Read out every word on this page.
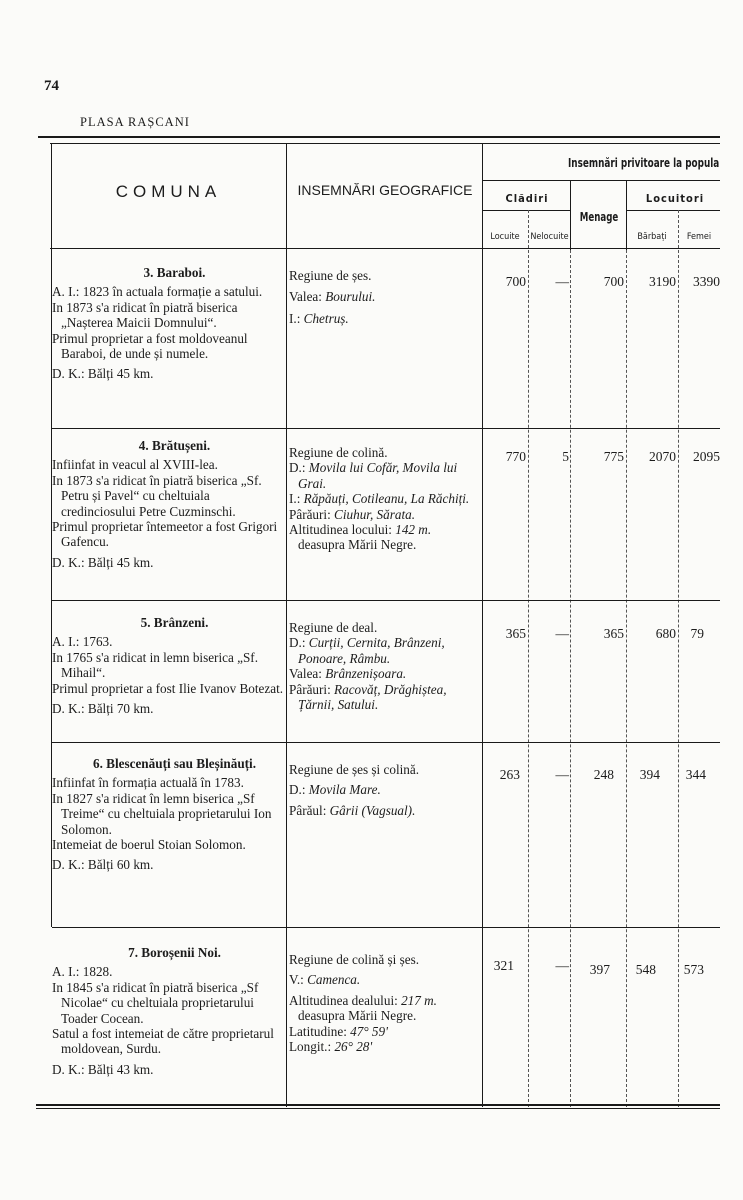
74
PLASA RAȘCANI
COMUNA	INSEMNĂRI GEOGRAFICE
Insemnări privitoare la popula
Clădiri	Locuitori
Menage
Locuite	Nelocuite	Bărbați	Femei
3. Baraboi.
A. I.: 1823 în actuala formație a satului.
In 1873 s'a ridicat în piatră biserica „Nașterea Maicii Domnului“.
Primul proprietar a fost moldoveanul Baraboi, de unde și numele.
D. K.: Bălți 45 km.
Regiune de șes.
Valea: Bourului.
I.: Chetruș.
700	—	700	3190	3390
4. Brătușeni.
Infiinfat in veacul al XVIII-lea.
In 1873 s'a ridicat în piatră biserica „Sf. Petru și Pavel“ cu cheltuiala credinciosului Petre Cuzminschi.
Primul proprietar întemeetor a fost Grigori Gafencu.
D. K.: Bălți 45 km.
Regiune de colină.
D.: Movila lui Cofăr, Movila lui Grai.
I.: Răpăuți, Cotileanu, La Răchiți.
Pârăuri: Ciuhur, Sărata.
Altitudinea locului: 142 m. deasupra Mării Negre.
770	5	775	2070	2095
5. Brânzeni.
A. I.: 1763.
In 1765 s'a ridicat in lemn biserica „Sf. Mihail“.
Primul proprietar a fost Ilie Ivanov Botezat.
D. K.: Bălți 70 km.
Regiune de deal.
D.: Curții, Cernita, Brânzeni, Ponoare, Râmbu.
Valea: Brânzenișoara.
Pârăuri: Racovăț, Drăghiștea, Țărnii, Satului.
365	—	365	680	79
6. Blescenăuți sau Bleșinăuți.
Infiinfat în formația actuală în 1783.
In 1827 s'a ridicat în lemn biserica „Sf Treime“ cu cheltuiala proprietarului Ion Solomon.
Intemeiat de boerul Stoian Solomon.
D. K.: Bălți 60 km.
Regiune de șes și colină.
D.: Movila Mare.
Pârăul: Gârii (Vagsual).
263	—	248	394	344
7. Boroșenii Noi.
A. I.: 1828.
In 1845 s'a ridicat în piatră biserica „Sf Nicolae“ cu cheltuiala proprietarului Toader Cocean.
Satul a fost intemeiat de către proprietarul moldovean, Surdu.
D. K.: Bălți 43 km.
Regiune de colină și șes.
V.: Camenca.
Altitudinea dealului: 217 m. deasupra Mării Negre.
Latitudine: 47° 59'
Longit.: 26° 28'
321	—	397	548	573
